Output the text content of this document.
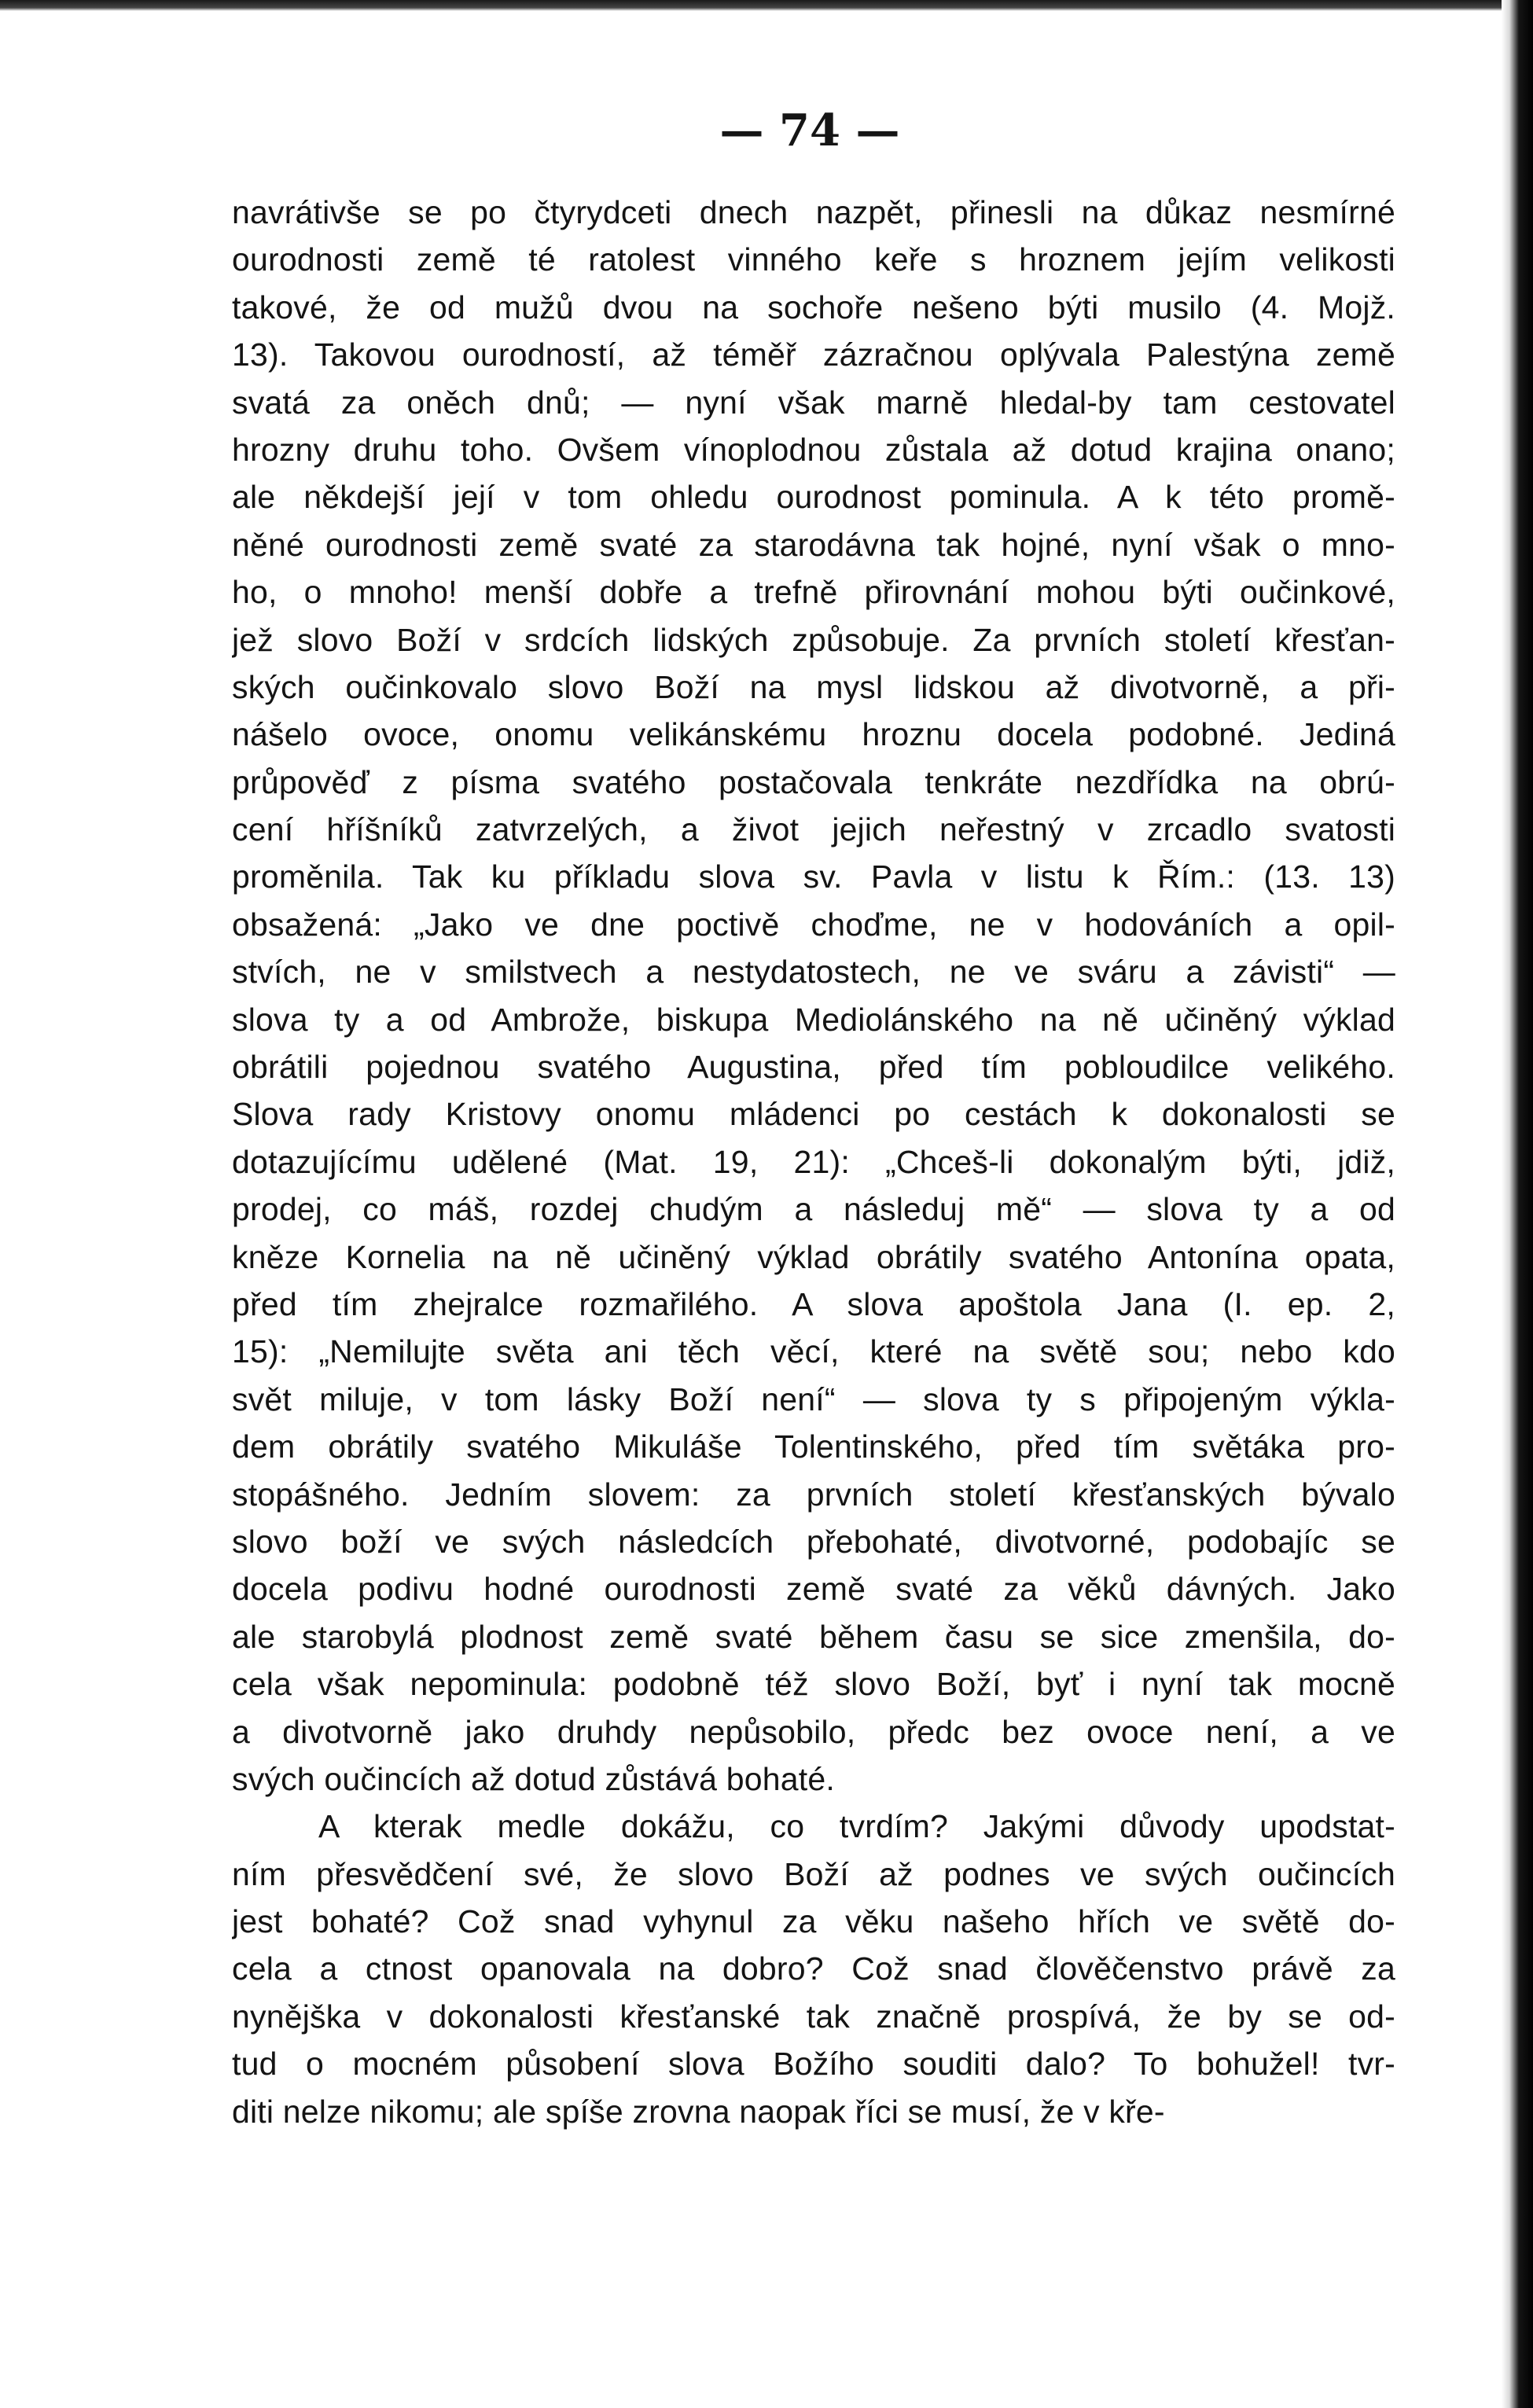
— 74 —
navrátivše se po čtyrydceti dnech nazpět, přinesli na důkaz nesmírné
ourodnosti země té ratolest vinného keře s hroznem jejím velikosti
takové, že od mužů dvou na sochoře nešeno býti musilo (4. Mojž.
13). Takovou ourodností, až téměř zázračnou oplývala Palestýna země
svatá za oněch dnů; — nyní však marně hledal-by tam cestovatel
hrozny druhu toho. Ovšem vínoplodnou zůstala až dotud krajina onano;
ale někdejší její v tom ohledu ourodnost pominula. A k této promě-
něné ourodnosti země svaté za starodávna tak hojné, nyní však o mno-
ho, o mnoho! menší dobře a trefně přirovnání mohou býti oučinkové,
jež slovo Boží v srdcích lidských způsobuje. Za prvních století křesťan-
ských oučinkovalo slovo Boží na mysl lidskou až divotvorně, a při-
nášelo ovoce, onomu velikánskému hroznu docela podobné. Jediná
průpověď z písma svatého postačovala tenkráte nezdřídka na obrú-
cení hříšníků zatvrzelých, a život jejich neřestný v zrcadlo svatosti
proměnila. Tak ku příkladu slova sv. Pavla v listu k Řím.: (13. 13)
obsažená: „Jako ve dne poctivě choďme, ne v hodováních a opil-
stvích, ne v smilstvech a nestydatostech, ne ve sváru a závisti“ —
slova ty a od Ambrože, biskupa Mediolánského na ně učiněný výklad
obrátili pojednou svatého Augustina, před tím pobloudilce velikého.
Slova rady Kristovy onomu mládenci po cestách k dokonalosti se
dotazujícímu udělené (Mat. 19, 21): „Chceš-li dokonalým býti, jdiž,
prodej, co máš, rozdej chudým a následuj mě“ — slova ty a od
kněze Kornelia na ně učiněný výklad obrátily svatého Antonína opata,
před tím zhejralce rozmařilého. A slova apoštola Jana (I. ep. 2,
15): „Nemilujte světa ani těch věcí, které na světě sou; nebo kdo
svět miluje, v tom lásky Boží není“ — slova ty s připojeným výkla-
dem obrátily svatého Mikuláše Tolentinského, před tím světáka pro-
stopášného. Jedním slovem: za prvních století křesťanských bývalo
slovo boží ve svých následcích přebohaté, divotvorné, podobajíc se
docela podivu hodné ourodnosti země svaté za věků dávných. Jako
ale starobylá plodnost země svaté během času se sice zmenšila, do-
cela však nepominula: podobně též slovo Boží, byť i nyní tak mocně
a divotvorně jako druhdy nepůsobilo, předc bez ovoce není, a ve
svých oučincích až dotud zůstává bohaté.
A kterak medle dokážu, co tvrdím? Jakými důvody upodstat-
ním přesvědčení své, že slovo Boží až podnes ve svých oučincích
jest bohaté? Což snad vyhynul za věku našeho hřích ve světě do-
cela a ctnost opanovala na dobro? Což snad člověčenstvo právě za
nynějška v dokonalosti křesťanské tak značně prospívá, že by se od-
tud o mocném působení slova Božího souditi dalo? To bohužel! tvr-
diti nelze nikomu; ale spíše zrovna naopak říci se musí, že v kře-
